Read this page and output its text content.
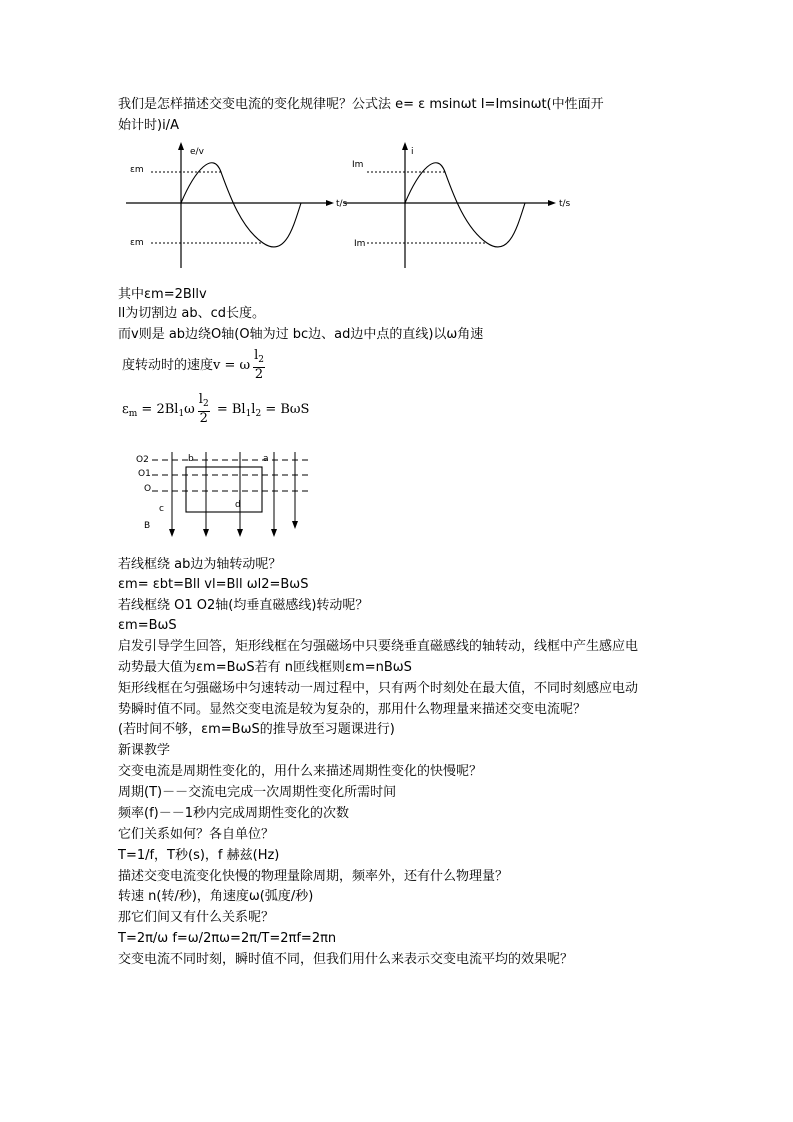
我们是怎样描述交变电流的变化规律呢？公式法 e= ε msinωt I=Imsinωt(中性面开
始计时)i/A
e/v
t/s
εm
εm
i
t/s
Im
Im
其中εm=2Bllv
ll为切割边 ab、cd长度。
而v则是 ab边绕O轴(O轴为过 bc边、ad边中点的直线)以ω角速
度转动时的速度v = ω $\frac{l_2}{2}$
$\varepsilon_m = 2Bl_1\omega \frac{l_2}{2} = Bl_1l_2 = B\omega S$
O2
O1
O
B
b	a
c	d
若线框绕 ab边为轴转动呢？
εm= εbt=Bll vl=Bll ωl2=BωS
若线框绕 O1 O2轴(均垂直磁感线)转动呢？
εm=BωS
启发引导学生回答，矩形线框在匀强磁场中只要绕垂直磁感线的轴转动，线框中产生感应电
动势最大值为εm=BωS若有 n匝线框则εm=nBωS
矩形线框在匀强磁场中匀速转动一周过程中，只有两个时刻处在最大值，不同时刻感应电动
势瞬时值不同。显然交变电流是较为复杂的，那用什么物理量来描述交变电流呢？
(若时间不够，εm=BωS的推导放至习题课进行)
新课教学
交变电流是周期性变化的，用什么来描述周期性变化的快慢呢？
周期(T)－－交流电完成一次周期性变化所需时间
频率(f)－－1秒内完成周期性变化的次数
它们关系如何？各自单位？
T=1/f，T秒(s)，f 赫兹(Hz)
描述交变电流变化快慢的物理量除周期，频率外，还有什么物理量？
转速 n(转/秒)，角速度ω(弧度/秒)
那它们间又有什么关系呢？
T=2π/ω f=ω/2πω=2π/T=2πf=2πn
交变电流不同时刻，瞬时值不同，但我们用什么来表示交变电流平均的效果呢？
